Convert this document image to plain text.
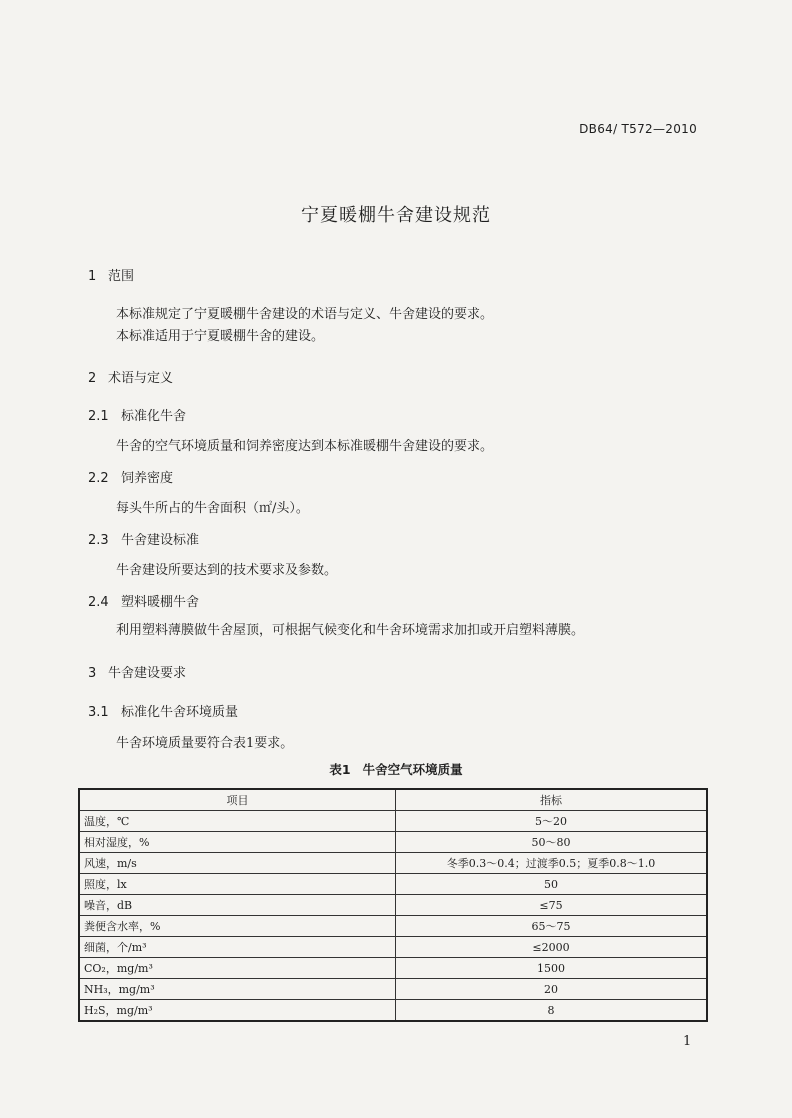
DB64/ T572—2010
宁夏暖棚牛舍建设规范
1 范围
本标准规定了宁夏暖棚牛舍建设的术语与定义、牛舍建设的要求。
本标准适用于宁夏暖棚牛舍的建设。
2 术语与定义
2.1 标准化牛舍
牛舍的空气环境质量和饲养密度达到本标准暖棚牛舍建设的要求。
2.2 饲养密度
每头牛所占的牛舍面积（㎡/头）。
2.3 牛舍建设标准
牛舍建设所要达到的技术要求及参数。
2.4 塑料暖棚牛舍
利用塑料薄膜做牛舍屋顶，可根据气候变化和牛舍环境需求加扣或开启塑料薄膜。
3 牛舍建设要求
3.1 标准化牛舍环境质量
牛舍环境质量要符合表1要求。
表1 牛舍空气环境质量
项目	指标
温度，℃	5～20
相对湿度，%	50～80
风速，m/s	冬季0.3～0.4；过渡季0.5；夏季0.8～1.0
照度，lx	50
噪音，dB	≤75
粪便含水率，%	65～75
细菌，个/m³	≤2000
CO₂，mg/m³	1500
NH₃，mg/m³	20
H₂S，mg/m³	8
1
